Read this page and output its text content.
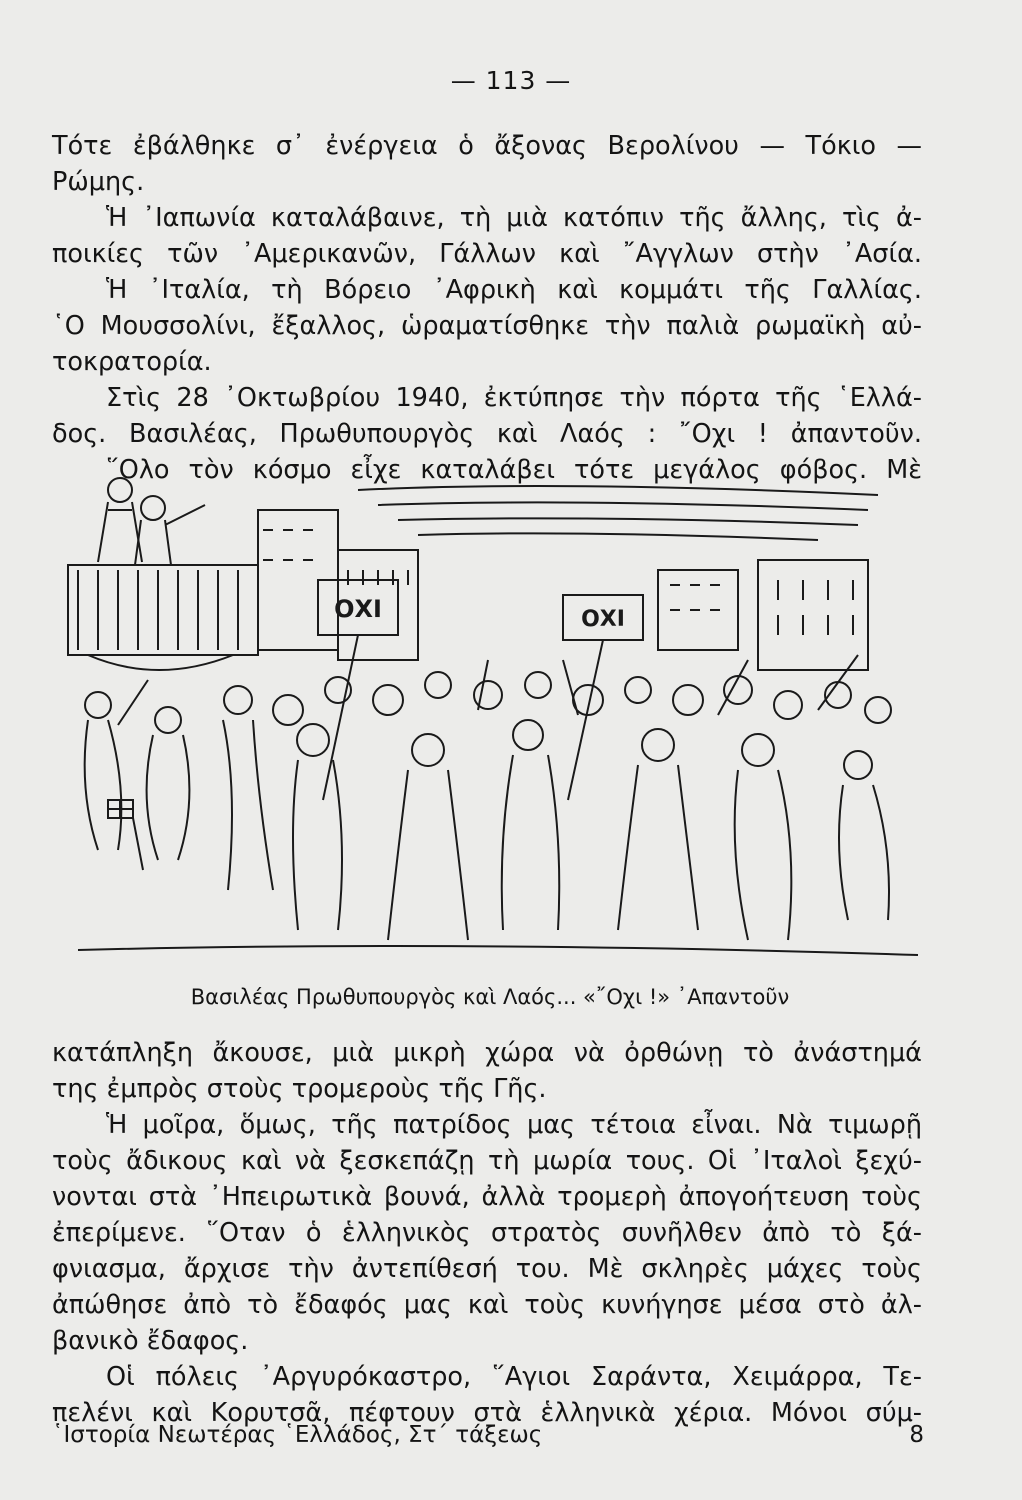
— 113 —
Τότε ἐβάλθηκε σ᾿ ἐνέργεια ὁ ἄξονας Βερολίνου — Τόκιο —
Ρώμης.
Ἡ ᾿Ιαπωνία καταλάβαινε, τὴ μιὰ κατόπιν τῆς ἄλλης, τὶς ἀ-
ποικίες τῶν ᾿Αμερικανῶν, Γάλλων καὶ ῎Αγγλων στὴν ᾿Ασία.
Ἡ ᾿Ιταλία, τὴ Βόρειο ᾿Αφρικὴ καὶ κομμάτι τῆς Γαλλίας.
῾Ο Μουσσολίνι, ἔξαλλος, ὡραματίσθηκε τὴν παλιὰ ρωμαϊκὴ αὐ-
τοκρατορία.
Στὶς 28 ᾿Οκτωβρίου 1940, ἐκτύπησε τὴν πόρτα τῆς ῾Ελλά-
δος. Βασιλέας, Πρωθυπουργὸς καὶ Λαός : ῎Οχι ! ἀπαντοῦν.
῞Ολο τὸν κόσμο εἶχε καταλάβει τότε μεγάλος φόβος. Μὲ
ΟΧΙ	ΟΧΙ
Βασιλέας Πρωθυπουργὸς καὶ Λαός... «῎Οχι !» ᾿Απαντοῦν
κατάπληξη ἄκουσε, μιὰ μικρὴ χώρα νὰ ὀρθώνῃ τὸ ἀνάστημά
της ἐμπρὸς στοὺς τρομεροὺς τῆς Γῆς.
Ἡ μοῖρα, ὅμως, τῆς πατρίδος μας τέτοια εἶναι. Νὰ τιμωρῇ
τοὺς ἄδικους καὶ νὰ ξεσκεπάζῃ τὴ μωρία τους. Οἱ ᾿Ιταλοὶ ξεχύ-
νονται στὰ ᾿Ηπειρωτικὰ βουνά, ἀλλὰ τρομερὴ ἀπογοήτευση τοὺς
ἐπερίμενε. ῞Οταν ὁ ἑλληνικὸς στρατὸς συνῆλθεν ἀπὸ τὸ ξά-
φνιασμα, ἄρχισε τὴν ἀντεπίθεσή του. Μὲ σκληρὲς μάχες τοὺς
ἀπώθησε ἀπὸ τὸ ἔδαφός μας καὶ τοὺς κυνήγησε μέσα στὸ ἀλ-
βανικὸ ἔδαφος.
Οἱ πόλεις ᾿Αργυρόκαστρο, ῞Αγιοι Σαράντα, Χειμάρρα, Τε-
πελένι καὶ Κορυτσᾶ, πέφτουν στὰ ἑλληνικὰ χέρια. Μόνοι σύμ-
῾Ιστορία Νεωτέρας ῾Ελλάδος, Στ´ τάξεως	8
